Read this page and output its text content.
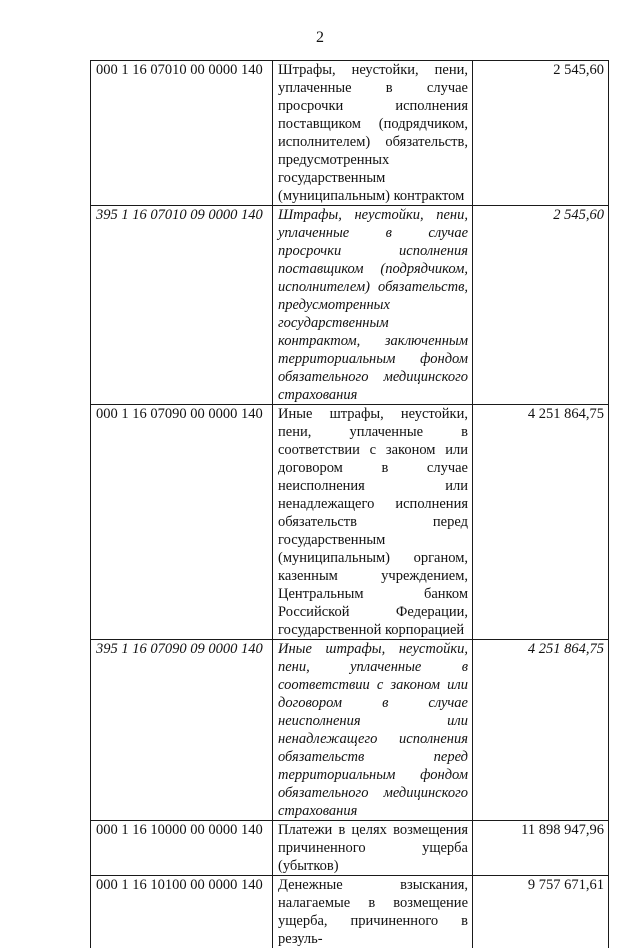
2
000 1 16 07010 00 0000 140	Штрафы, неустойки, пени, уплаченные в случае просрочки исполнения поставщиком (подрядчиком, исполнителем) обязательств, предусмотренных государственным (муниципальным) контрактом	2 545,60
395 1 16 07010 09 0000 140	Штрафы, неустойки, пени, уплаченные в случае просрочки исполнения поставщиком (подрядчиком, исполнителем) обязательств, предусмотренных государственным контрактом, заключенным территориальным фондом обязательного медицинского страхования	2 545,60
000 1 16 07090 00 0000 140	Иные штрафы, неустойки, пени, уплаченные в соответствии с законом или договором в случае неисполнения или ненадлежащего исполнения обязательств перед государственным (муниципальным) органом, казенным учреждением, Центральным банком Российской Федерации, государственной корпорацией	4 251 864,75
395 1 16 07090 09 0000 140	Иные штрафы, неустойки, пени, уплаченные в соответствии с законом или договором в случае неисполнения или ненадлежащего исполнения обязательств перед территориальным фондом обязательного медицинского страхования	4 251 864,75
000 1 16 10000 00 0000 140	Платежи в целях возмещения причиненного ущерба (убытков)	11 898 947,96
000 1 16 10100 00 0000 140	Денежные взыскания, налагаемые в возмещение ущерба, причиненного в резуль-	9 757 671,61
